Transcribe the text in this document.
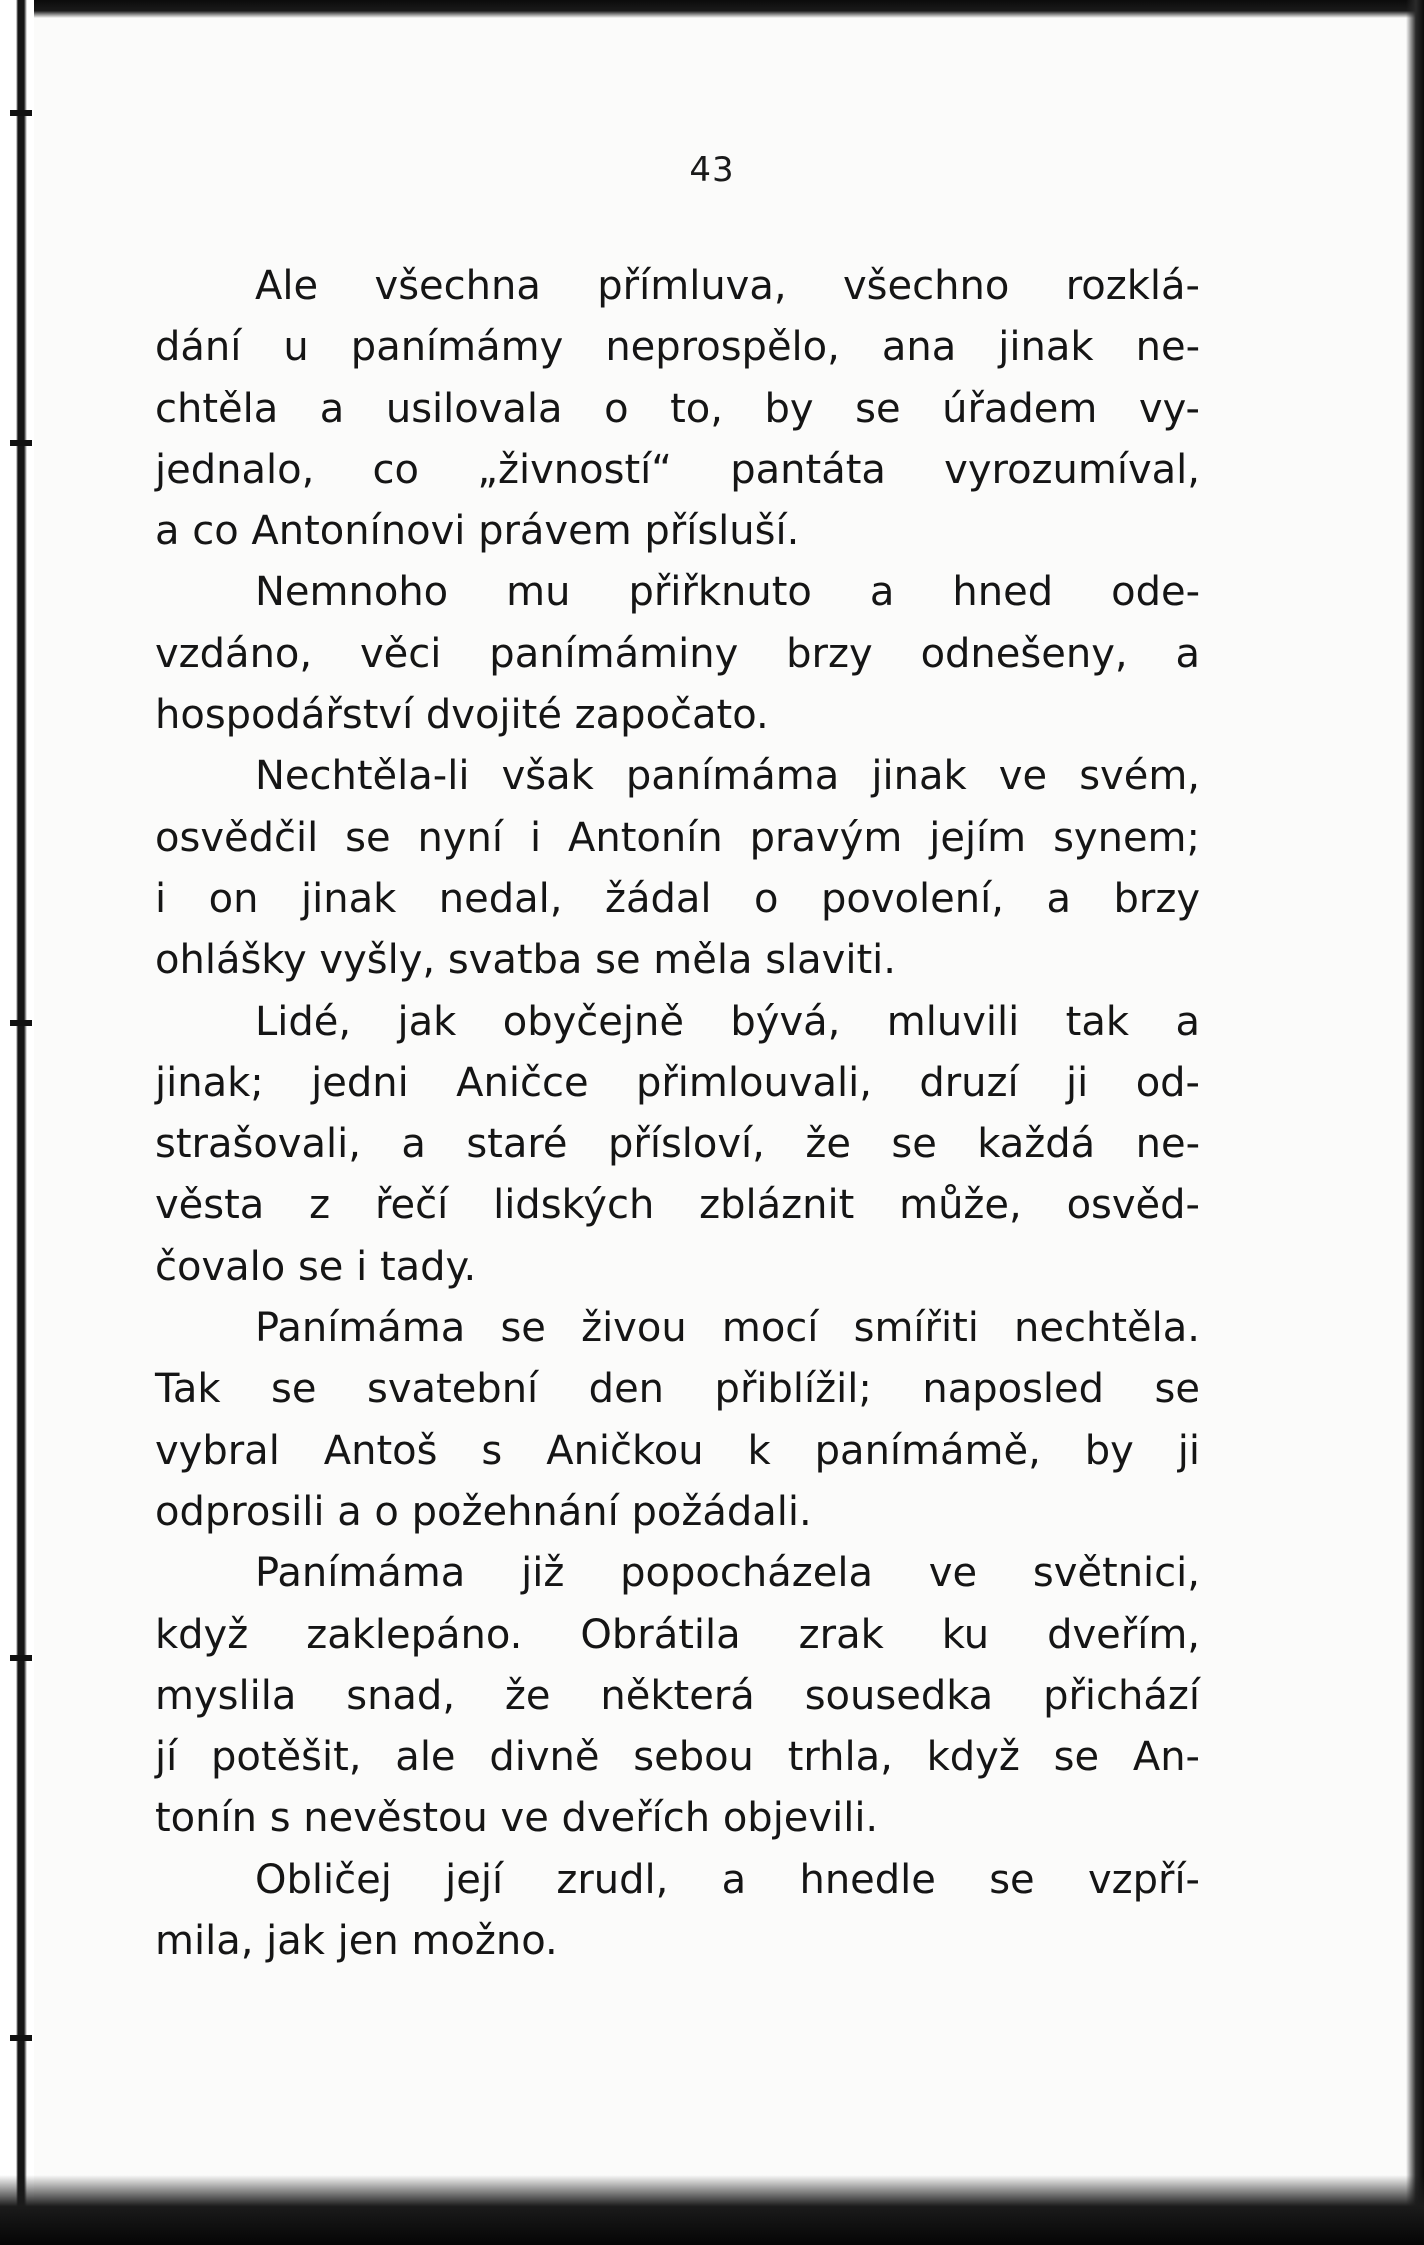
43
Ale všechna přímluva, všechno rozklá-
dání u panímámy neprospělo, ana jinak ne-
chtěla a usilovala o to, by se úřadem vy-
jednalo, co „živností“ pantáta vyrozumíval,
a co Antonínovi právem přísluší.
Nemnoho mu přiřknuto a hned ode-
vzdáno, věci panímáminy brzy odnešeny, a
hospodářství dvojité započato.
Nechtěla-li však panímáma jinak ve svém,
osvědčil se nyní i Antonín pravým jejím synem;
i on jinak nedal, žádal o povolení, a brzy
ohlášky vyšly, svatba se měla slaviti.
Lidé, jak obyčejně bývá, mluvili tak a
jinak; jedni Aničce přimlouvali, druzí ji od-
strašovali, a staré přísloví, že se každá ne-
věsta z řečí lidských zbláznit může, osvěd-
čovalo se i tady.
Panímáma se živou mocí smířiti nechtěla.
Tak se svatební den přiblížil; naposled se
vybral Antoš s Aničkou k panímámě, by ji
odprosili a o požehnání požádali.
Panímáma již popocházela ve světnici,
když zaklepáno. Obrátila zrak ku dveřím,
myslila snad, že některá sousedka přichází
jí potěšit, ale divně sebou trhla, když se An-
tonín s nevěstou ve dveřích objevili.
Obličej její zrudl, a hnedle se vzpří-
mila, jak jen možno.
